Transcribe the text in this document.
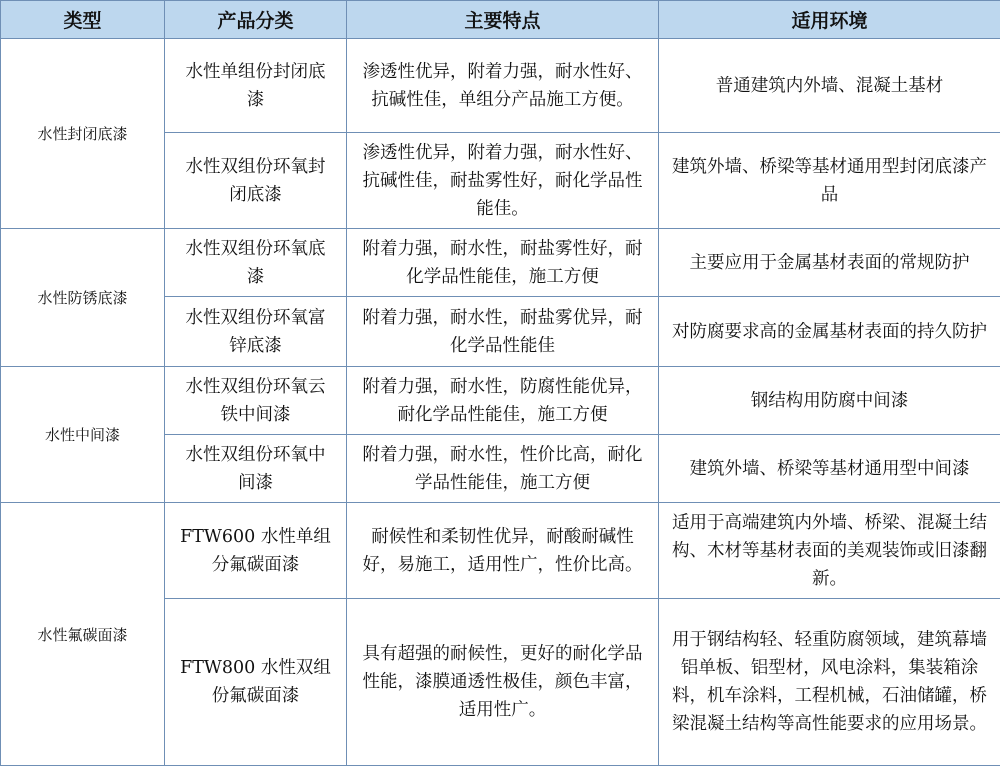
类型	产品分类	主要特点	适用环境
水性封闭底漆	水性单组份封闭底漆	渗透性优异，附着力强，耐水性好、抗碱性佳，单组分产品施工方便。	普通建筑内外墙、混凝土基材
	水性双组份环氧封闭底漆	渗透性优异，附着力强，耐水性好、抗碱性佳，耐盐雾性好，耐化学品性能佳。	建筑外墙、桥梁等基材通用型封闭底漆产品
水性防锈底漆	水性双组份环氧底漆	附着力强，耐水性，耐盐雾性好，耐化学品性能佳，施工方便	主要应用于金属基材表面的常规防护
	水性双组份环氧富锌底漆	附着力强，耐水性，耐盐雾优异，耐化学品性能佳	对防腐要求高的金属基材表面的持久防护
水性中间漆	水性双组份环氧云铁中间漆	附着力强，耐水性，防腐性能优异，耐化学品性能佳，施工方便	钢结构用防腐中间漆
	水性双组份环氧中间漆	附着力强，耐水性，性价比高，耐化学品性能佳，施工方便	建筑外墙、桥梁等基材通用型中间漆
水性氟碳面漆	FTW600 水性单组分氟碳面漆	耐候性和柔韧性优异，耐酸耐碱性好，易施工，适用性广，性价比高。	适用于高端建筑内外墙、桥梁、混凝土结构、木材等基材表面的美观装饰或旧漆翻新。
	FTW800 水性双组份氟碳面漆	具有超强的耐候性，更好的耐化学品性能，漆膜通透性极佳，颜色丰富，适用性广。	用于钢结构轻、轻重防腐领域，建筑幕墙铝单板、铝型材，风电涂料，集装箱涂料，机车涂料，工程机械，石油储罐，桥梁混凝土结构等高性能要求的应用场景。
